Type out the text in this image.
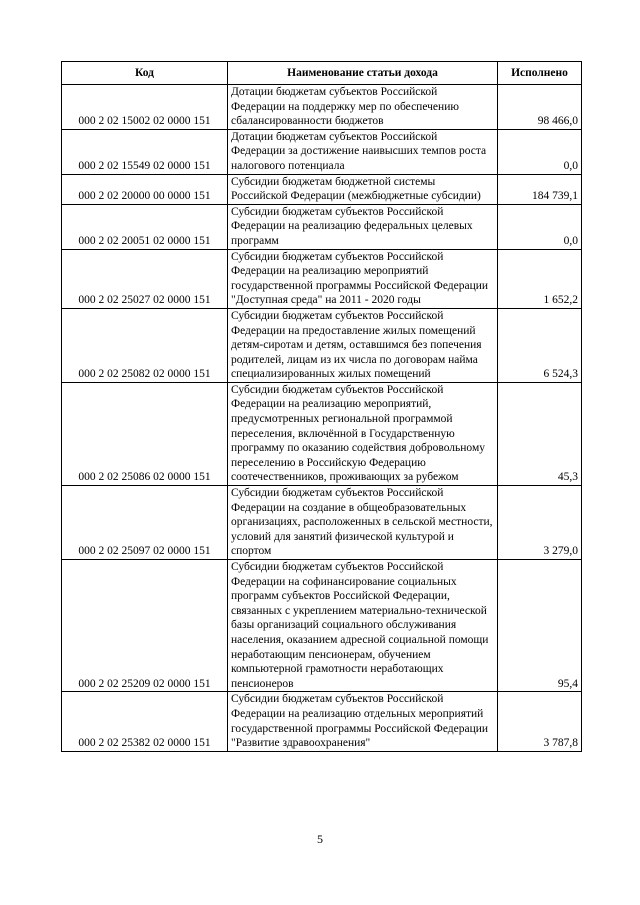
Код	Наименование статьи дохода	Исполнено
000 2 02 15002 02 0000 151	Дотации бюджетам субъектов Российской Федерации на поддержку мер по обеспечению сбалансированности бюджетов	98 466,0
000 2 02 15549 02 0000 151	Дотации бюджетам субъектов Российской Федерации за достижение наивысших темпов роста налогового потенциала	0,0
000 2 02 20000 00 0000 151	Субсидии бюджетам бюджетной системы Российской Федерации (межбюджетные субсидии)	184 739,1
000 2 02 20051 02 0000 151	Субсидии бюджетам субъектов Российской Федерации на реализацию федеральных целевых программ	0,0
000 2 02 25027 02 0000 151	Субсидии бюджетам субъектов Российской Федерации на реализацию мероприятий государственной программы Российской Федерации "Доступная среда" на 2011 - 2020 годы	1 652,2
000 2 02 25082 02 0000 151	Субсидии бюджетам субъектов Российской Федерации на предоставление жилых помещений детям-сиротам и детям, оставшимся без попечения родителей, лицам из их числа по договорам найма специализированных жилых помещений	6 524,3
000 2 02 25086 02 0000 151	Субсидии бюджетам субъектов Российской Федерации на реализацию мероприятий, предусмотренных региональной программой переселения, включённой в Государственную программу по оказанию содействия добровольному переселению в Российскую Федерацию соотечественников, проживающих за рубежом	45,3
000 2 02 25097 02 0000 151	Субсидии бюджетам субъектов Российской Федерации на создание в общеобразовательных организациях, расположенных в сельской местности, условий для занятий физической культурой и спортом	3 279,0
000 2 02 25209 02 0000 151	Субсидии бюджетам субъектов Российской Федерации на софинансирование социальных программ субъектов Российской Федерации, связанных с укреплением материально-технической базы организаций социального обслуживания населения, оказанием адресной социальной помощи неработающим пенсионерам, обучением компьютерной грамотности неработающих пенсионеров	95,4
000 2 02 25382 02 0000 151	Субсидии бюджетам субъектов Российской Федерации на реализацию отдельных мероприятий государственной программы Российской Федерации "Развитие здравоохранения"	3 787,8
5
